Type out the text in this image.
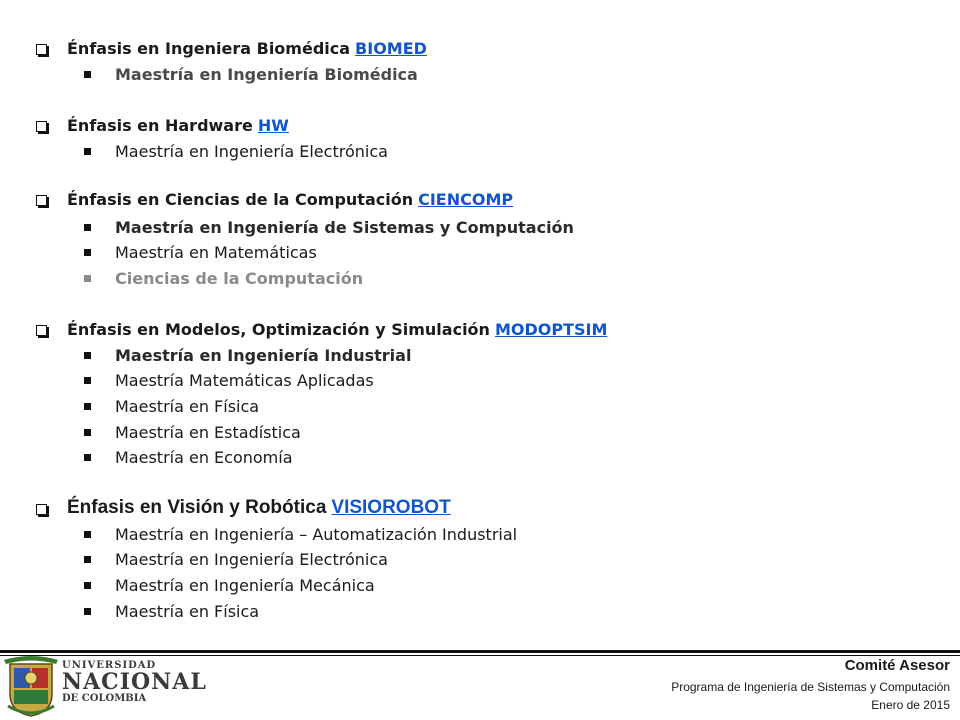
Énfasis en Ingeniera Biomédica BIOMED
Maestría en Ingeniería Biomédica
Énfasis en Hardware HW
Maestría en Ingeniería Electrónica
Énfasis en Ciencias de la Computación CIENCOMP
Maestría en Ingeniería de Sistemas y Computación
Maestría en Matemáticas
Ciencias de la Computación
Énfasis en Modelos, Optimización y Simulación MODOPTSIM
Maestría en Ingeniería Industrial
Maestría Matemáticas Aplicadas
Maestría en Física
Maestría en Estadística
Maestría en Economía
Énfasis en Visión y Robótica VISIOROBOT
Maestría en Ingeniería – Automatización Industrial
Maestría en Ingeniería Electrónica
Maestría en Ingeniería Mecánica
Maestría en Física
UNIVERSIDAD
NACIONAL
DE COLOMBIA
Comité Asesor
Programa de Ingeniería de Sistemas y Computación
Enero de 2015
